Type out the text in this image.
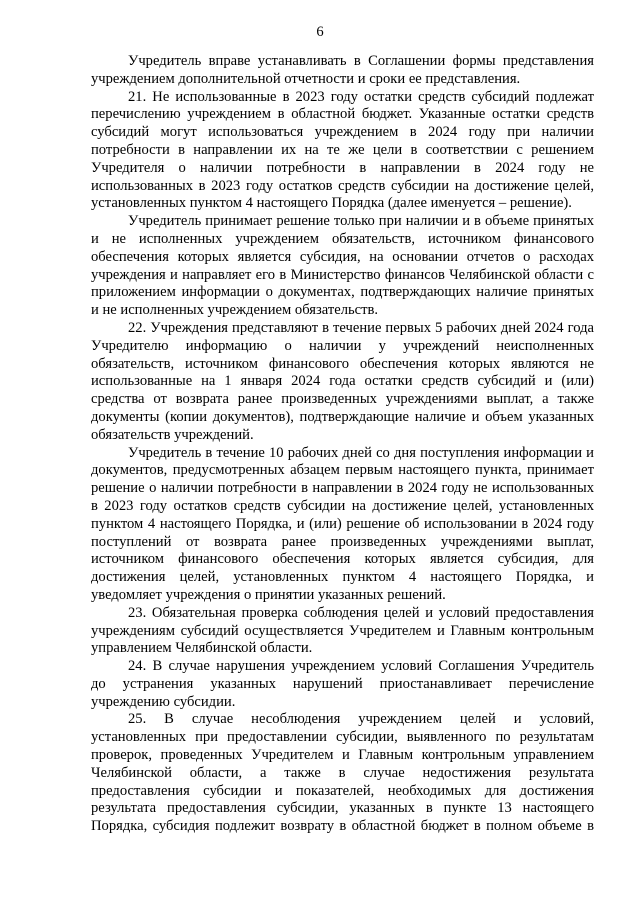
6
Учредитель вправе устанавливать в Соглашении формы представления
учреждением дополнительной отчетности и сроки ее представления.
21. Не использованные в 2023 году остатки средств субсидий подлежат
перечислению учреждением в областной бюджет. Указанные остатки средств
субсидий могут использоваться учреждением в 2024 году при наличии
потребности в направлении их на те же цели в соответствии с решением
Учредителя о наличии потребности в направлении в 2024 году не
использованных в 2023 году остатков средств субсидии на достижение целей,
установленных пунктом 4 настоящего Порядка (далее именуется – решение).
Учредитель принимает решение только при наличии и в объеме принятых
и не исполненных учреждением обязательств, источником финансового
обеспечения которых является субсидия, на основании отчетов о расходах
учреждения и направляет его в Министерство финансов Челябинской области с
приложением информации о документах, подтверждающих наличие принятых
и не исполненных учреждением обязательств.
22. Учреждения представляют в течение первых 5 рабочих дней 2024 года
Учредителю информацию о наличии у учреждений неисполненных
обязательств, источником финансового обеспечения которых являются не
использованные на 1 января 2024 года остатки средств субсидий и (или)
средства от возврата ранее произведенных учреждениями выплат, а также
документы (копии документов), подтверждающие наличие и объем указанных
обязательств учреждений.
Учредитель в течение 10 рабочих дней со дня поступления информации и
документов, предусмотренных абзацем первым настоящего пункта, принимает
решение о наличии потребности в направлении в 2024 году не использованных
в 2023 году остатков средств субсидии на достижение целей, установленных
пунктом 4 настоящего Порядка, и (или) решение об использовании в 2024 году
поступлений от возврата ранее произведенных учреждениями выплат,
источником финансового обеспечения которых является субсидия, для
достижения целей, установленных пунктом 4 настоящего Порядка, и
уведомляет учреждения о принятии указанных решений.
23. Обязательная проверка соблюдения целей и условий предоставления
учреждениям субсидий осуществляется Учредителем и Главным контрольным
управлением Челябинской области.
24. В случае нарушения учреждением условий Соглашения Учредитель
до устранения указанных нарушений приостанавливает перечисление
учреждению субсидии.
25. В случае несоблюдения учреждением целей и условий,
установленных при предоставлении субсидии, выявленного по результатам
проверок, проведенных Учредителем и Главным контрольным управлением
Челябинской области, а также в случае недостижения результата
предоставления субсидии и показателей, необходимых для достижения
результата предоставления субсидии, указанных в пункте 13 настоящего
Порядка, субсидия подлежит возврату в областной бюджет в полном объеме в
